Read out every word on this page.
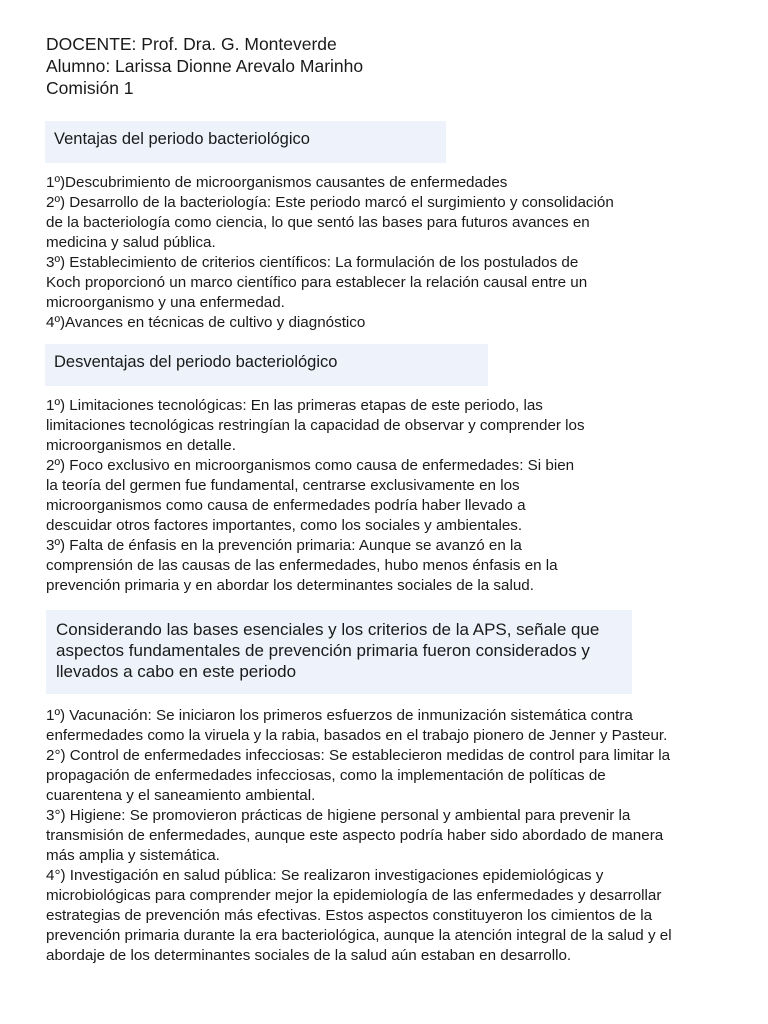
DOCENTE: Prof. Dra. G. Monteverde
Alumno: Larissa Dionne Arevalo Marinho
Comisión 1
Ventajas del periodo bacteriológico
1º)Descubrimiento de microorganismos causantes de enfermedades
2º) Desarrollo de la bacteriología: Este periodo marcó el surgimiento y consolidación
de la bacteriología como ciencia, lo que sentó las bases para futuros avances en
medicina y salud pública.
3º) Establecimiento de criterios científicos: La formulación de los postulados de
Koch proporcionó un marco científico para establecer la relación causal entre un
microorganismo y una enfermedad.
4º)Avances en técnicas de cultivo y diagnóstico
Desventajas del periodo bacteriológico
1º) Limitaciones tecnológicas: En las primeras etapas de este periodo, las
limitaciones tecnológicas restringían la capacidad de observar y comprender los
microorganismos en detalle.
2º) Foco exclusivo en microorganismos como causa de enfermedades: Si bien
la teoría del germen fue fundamental, centrarse exclusivamente en los
microorganismos como causa de enfermedades podría haber llevado a
descuidar otros factores importantes, como los sociales y ambientales.
3º) Falta de énfasis en la prevención primaria: Aunque se avanzó en la
comprensión de las causas de las enfermedades, hubo menos énfasis en la
prevención primaria y en abordar los determinantes sociales de la salud.
Considerando las bases esenciales y los criterios de la APS, señale que
aspectos fundamentales de prevención primaria fueron considerados y
llevados a cabo en este periodo
1º) Vacunación: Se iniciaron los primeros esfuerzos de inmunización sistemática contra
enfermedades como la viruela y la rabia, basados en el trabajo pionero de Jenner y Pasteur.
2°) Control de enfermedades infecciosas: Se establecieron medidas de control para limitar la
propagación de enfermedades infecciosas, como la implementación de políticas de
cuarentena y el saneamiento ambiental.
3°) Higiene: Se promovieron prácticas de higiene personal y ambiental para prevenir la
transmisión de enfermedades, aunque este aspecto podría haber sido abordado de manera
más amplia y sistemática.
4°) Investigación en salud pública: Se realizaron investigaciones epidemiológicas y
microbiológicas para comprender mejor la epidemiología de las enfermedades y desarrollar
estrategias de prevención más efectivas. Estos aspectos constituyeron los cimientos de la
prevención primaria durante la era bacteriológica, aunque la atención integral de la salud y el
abordaje de los determinantes sociales de la salud aún estaban en desarrollo.
